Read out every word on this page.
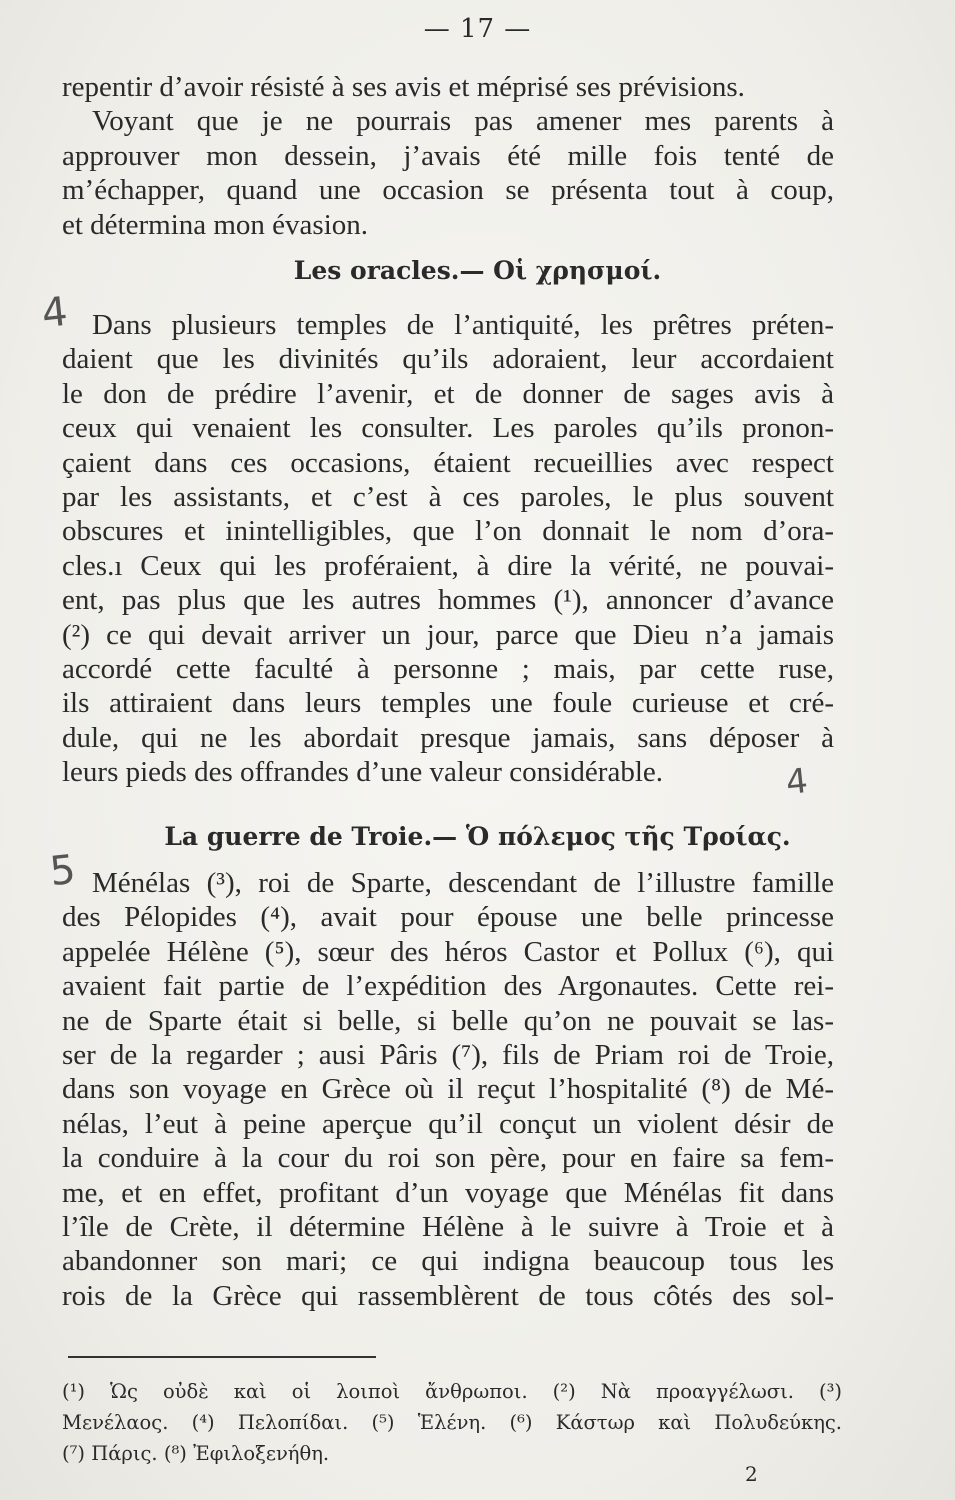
— 17 —
repentir d’avoir résisté à ses avis et méprisé ses prévisions.
Voyant que je ne pourrais pas amener mes parents à
approuver mon dessein, j’avais été mille fois tenté de
m’échapper, quand une occasion se présenta tout à coup,
et détermina mon évasion.
Les oracles.— Οἱ χρησμοί.
4 Dans plusieurs temples de l’antiquité, les prêtres préten-
daient que les divinités qu’ils adoraient, leur accordaient
le don de prédire l’avenir, et de donner de sages avis à
ceux qui venaient les consulter. Les paroles qu’ils pronon-
çaient dans ces occasions, étaient recueillies avec respect
par les assistants, et c’est à ces paroles, le plus souvent
obscures et inintelligibles, que l’on donnait le nom d’ora-
cles.ı Ceux qui les proféraient, à dire la vérité, ne pouvai-
ent, pas plus que les autres hommes (¹), annoncer d’avance
(²) ce qui devait arriver un jour, parce que Dieu n’a jamais
accordé cette faculté à personne ; mais, par cette ruse,
ils attiraient dans leurs temples une foule curieuse et cré-
dule, qui ne les abordait presque jamais, sans déposer à
leurs pieds des offrandes d’une valeur considérable.	4
La guerre de Troie.— Ὁ πόλεμος τῆς Τροίας.
5 Ménélas (³), roi de Sparte, descendant de l’illustre famille
des Pélopides (⁴), avait pour épouse une belle princesse
appelée Hélène (⁵), sœur des héros Castor et Pollux (⁶), qui
avaient fait partie de l’expédition des Argonautes. Cette rei-
ne de Sparte était si belle, si belle qu’on ne pouvait se las-
ser de la regarder ; ausi Pâris (⁷), fils de Priam roi de Troie,
dans son voyage en Grèce où il reçut l’hospitalité (⁸) de Mé-
nélas, l’eut à peine aperçue qu’il conçut un violent désir de
la conduire à la cour du roi son père, pour en faire sa fem-
me, et en effet, profitant d’un voyage que Ménélas fit dans
l’île de Crète, il détermine Hélène à le suivre à Troie et à
abandonner son mari; ce qui indigna beaucoup tous les
rois de la Grèce qui rassemblèrent de tous côtés des sol-
(¹) Ὡς οὐδὲ καὶ οἱ λοιποὶ ἄνθρωποι. (²) Νὰ προαγγέλωσι. (³)
Μενέλαος. (⁴) Πελοπίδαι. (⁵) Ἑλένη. (⁶) Κάστωρ καὶ Πολυδεύκης.
(⁷) Πάρις. (⁸) Ἐφιλοξενήθη.
2
